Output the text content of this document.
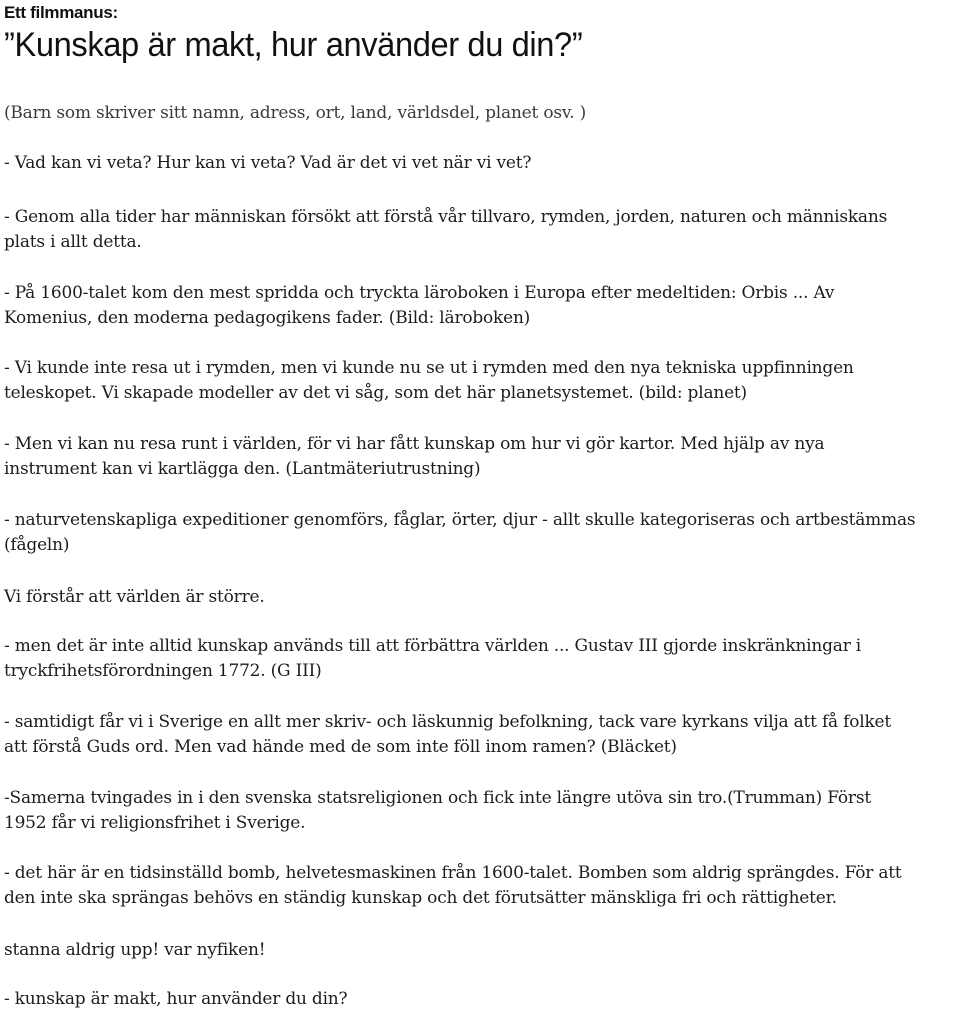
Ett filmmanus:
”Kunskap är makt, hur använder du din?”

(Barn som skriver sitt namn, adress, ort, land, världsdel, planet osv. )

- Vad kan vi veta? Hur kan vi veta? Vad är det vi vet när vi vet?

- Genom alla tider har människan försökt att förstå vår tillvaro, rymden, jorden, naturen och människans
plats i allt detta.

- På 1600-talet kom den mest spridda och tryckta läroboken i Europa efter medeltiden: Orbis ... Av
Komenius, den moderna pedagogikens fader. (Bild: läroboken)

- Vi kunde inte resa ut i rymden, men vi kunde nu se ut i rymden med den nya tekniska uppfinningen
teleskopet. Vi skapade modeller av det vi såg, som det här planetsystemet. (bild: planet)

- Men vi kan nu resa runt i världen, för vi har fått kunskap om hur vi gör kartor. Med hjälp av nya
instrument kan vi kartlägga den. (Lantmäteriutrustning)

- naturvetenskapliga expeditioner genomförs, fåglar, örter, djur - allt skulle kategoriseras och artbestämmas
(fågeln)

Vi förstår att världen är större.

- men det är inte alltid kunskap används till att förbättra världen ... Gustav III gjorde inskränkningar i
tryckfrihetsförordningen 1772. (G III)

- samtidigt får vi i Sverige en allt mer skriv- och läskunnig befolkning, tack vare kyrkans vilja att få folket
att förstå Guds ord. Men vad hände med de som inte föll inom ramen? (Bläcket)

-Samerna tvingades in i den svenska statsreligionen och fick inte längre utöva sin tro.(Trumman) Först
1952 får vi religionsfrihet i Sverige.

- det här är en tidsinställd bomb, helvetesmaskinen från 1600-talet. Bomben som aldrig sprängdes. För att
den inte ska sprängas behövs en ständig kunskap och det förutsätter mänskliga fri och rättigheter.

stanna aldrig upp! var nyfiken!

- kunskap är makt, hur använder du din?
